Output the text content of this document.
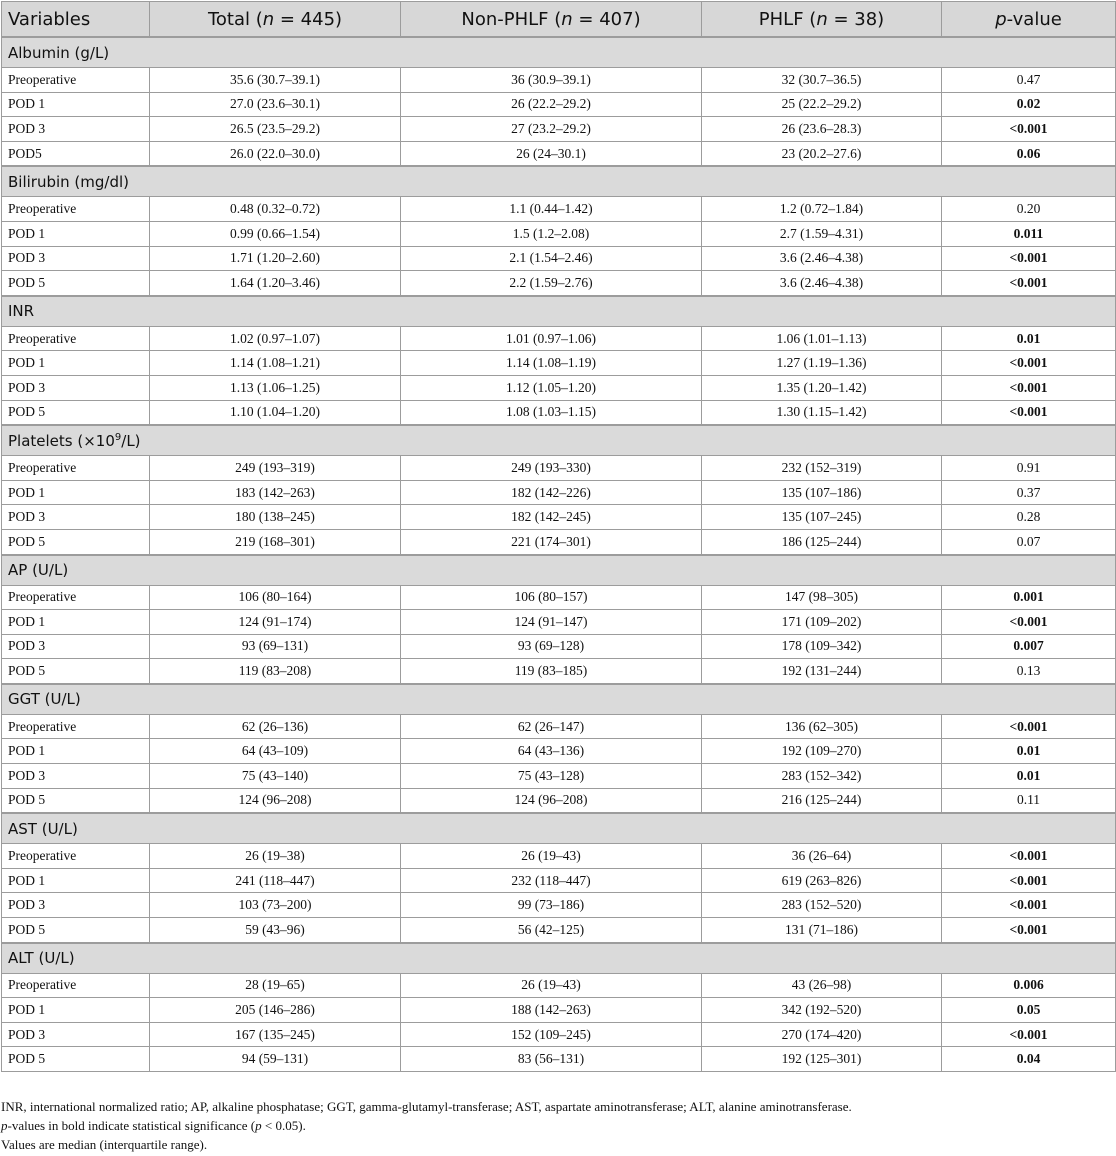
Variables	Total (n = 445)	Non-PHLF (n = 407)	PHLF (n = 38)	p-value
Albumin (g/L)				
Preoperative	35.6 (30.7–39.1)	36 (30.9–39.1)	32 (30.7–36.5)	0.47
POD 1	27.0 (23.6–30.1)	26 (22.2–29.2)	25 (22.2–29.2)	0.02
POD 3	26.5 (23.5–29.2)	27 (23.2–29.2)	26 (23.6–28.3)	<0.001
POD5	26.0 (22.0–30.0)	26 (24–30.1)	23 (20.2–27.6)	0.06
Bilirubin (mg/dl)				
Preoperative	0.48 (0.32–0.72)	1.1 (0.44–1.42)	1.2 (0.72–1.84)	0.20
POD 1	0.99 (0.66–1.54)	1.5 (1.2–2.08)	2.7 (1.59–4.31)	0.011
POD 3	1.71 (1.20–2.60)	2.1 (1.54–2.46)	3.6 (2.46–4.38)	<0.001
POD 5	1.64 (1.20–3.46)	2.2 (1.59–2.76)	3.6 (2.46–4.38)	<0.001
INR				
Preoperative	1.02 (0.97–1.07)	1.01 (0.97–1.06)	1.06 (1.01–1.13)	0.01
POD 1	1.14 (1.08–1.21)	1.14 (1.08–1.19)	1.27 (1.19–1.36)	<0.001
POD 3	1.13 (1.06–1.25)	1.12 (1.05–1.20)	1.35 (1.20–1.42)	<0.001
POD 5	1.10 (1.04–1.20)	1.08 (1.03–1.15)	1.30 (1.15–1.42)	<0.001
Platelets $(\times 10^9/L)$				
Preoperative	249 (193–319)	249 (193–330)	232 (152–319)	0.91
POD 1	183 (142–263)	182 (142–226)	135 (107–186)	0.37
POD 3	180 (138–245)	182 (142–245)	135 (107–245)	0.28
POD 5	219 (168–301)	221 (174–301)	186 (125–244)	0.07
AP (U/L)				
Preoperative	106 (80–164)	106 (80–157)	147 (98–305)	0.001
POD 1	124 (91–174)	124 (91–147)	171 (109–202)	<0.001
POD 3	93 (69–131)	93 (69–128)	178 (109–342)	0.007
POD 5	119 (83–208)	119 (83–185)	192 (131–244)	0.13
GGT (U/L)				
Preoperative	62 (26–136)	62 (26–147)	136 (62–305)	<0.001
POD 1	64 (43–109)	64 (43–136)	192 (109–270)	0.01
POD 3	75 (43–140)	75 (43–128)	283 (152–342)	0.01
POD 5	124 (96–208)	124 (96–208)	216 (125–244)	0.11
AST (U/L)				
Preoperative	26 (19–38)	26 (19–43)	36 (26–64)	<0.001
POD 1	241 (118–447)	232 (118–447)	619 (263–826)	<0.001
POD 3	103 (73–200)	99 (73–186)	283 (152–520)	<0.001
POD 5	59 (43–96)	56 (42–125)	131 (71–186)	<0.001
ALT (U/L)				
Preoperative	28 (19–65)	26 (19–43)	43 (26–98)	0.006
POD 1	205 (146–286)	188 (142–263)	342 (192–520)	0.05
POD 3	167 (135–245)	152 (109–245)	270 (174–420)	<0.001
POD 5	94 (59–131)	83 (56–131)	192 (125–301)	0.04

INR, international normalized ratio; AP, alkaline phosphatase; GGT, gamma-glutamyl-transferase; AST, aspartate aminotransferase; ALT, alanine aminotransferase.

p-values in bold indicate statistical significance (p < 0.05).

Values are median (interquartile range).
